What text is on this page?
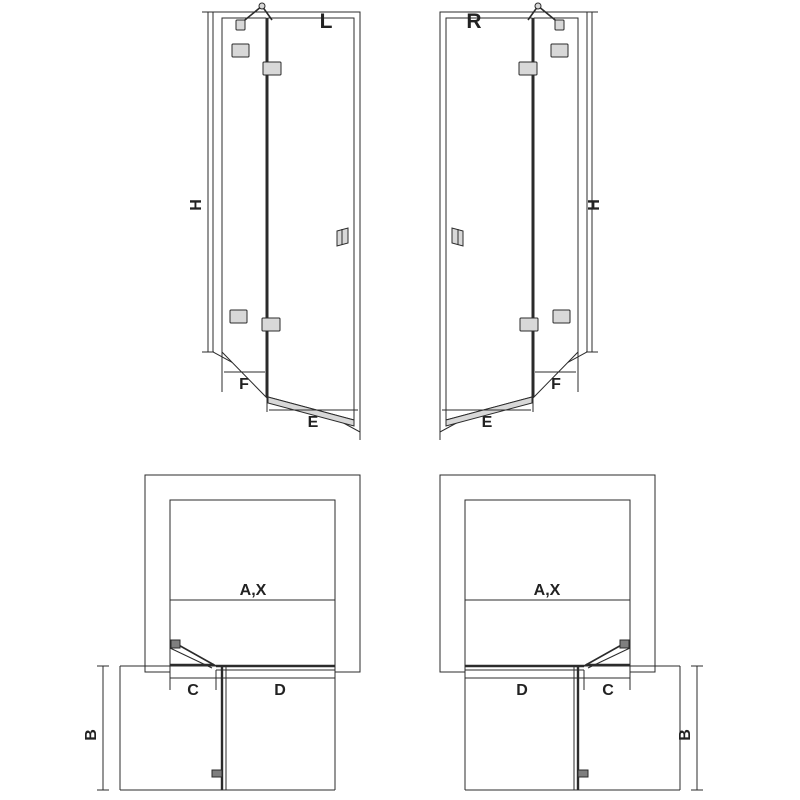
H
F
E
L
H
F
E
R
A,X
C	D
B
A,X
D	C
B
